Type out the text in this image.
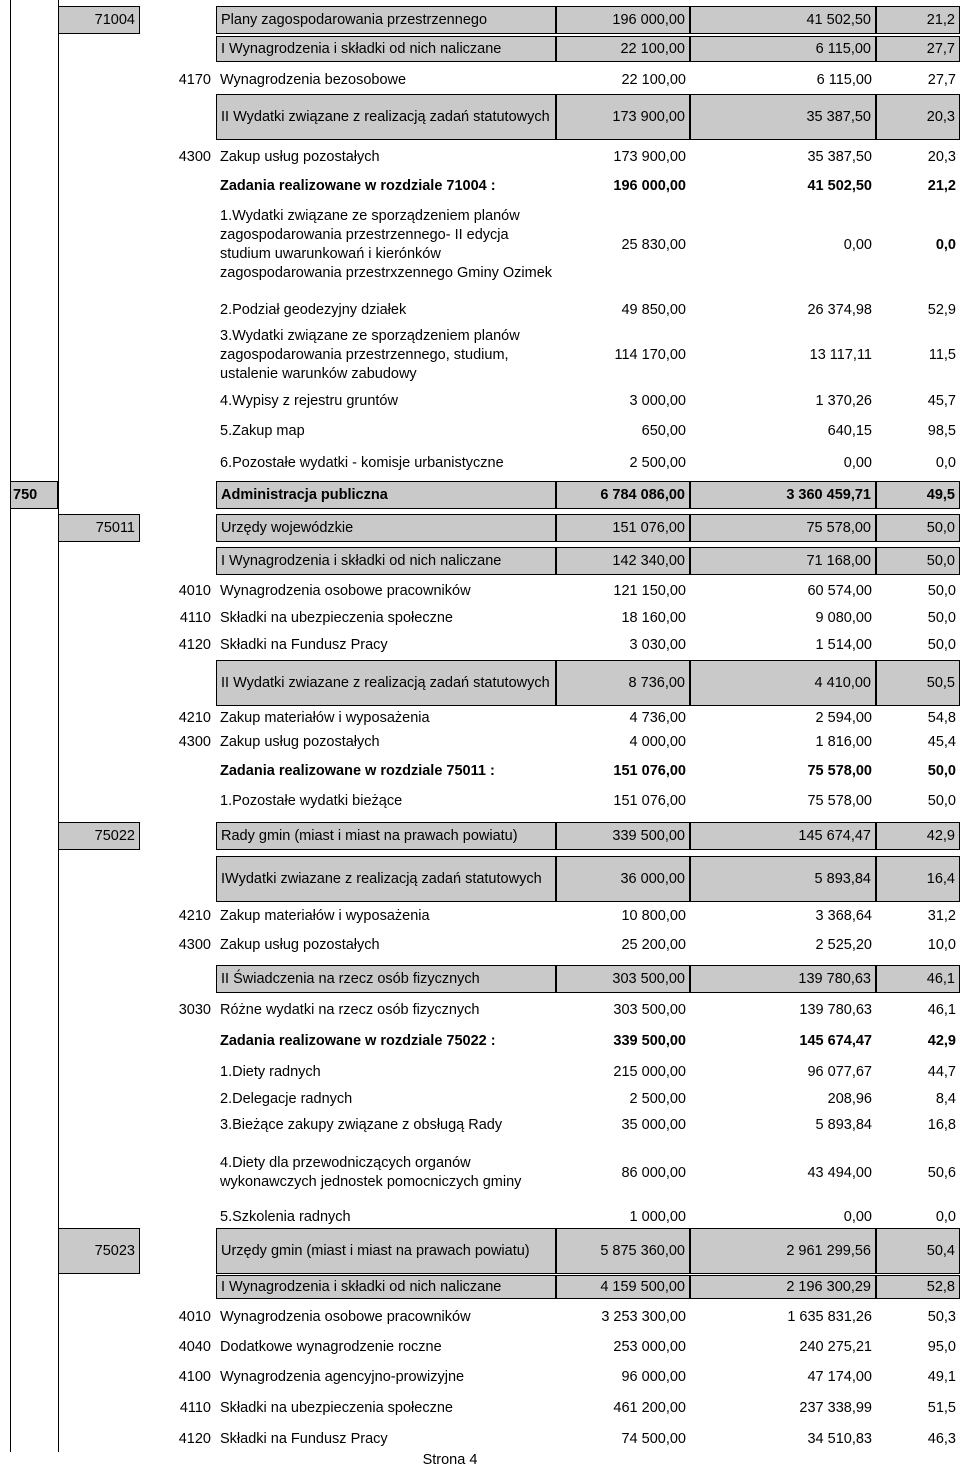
71004	Plany zagospodarowania przestrzennego	196 000,00	41 502,50	21,2
I Wynagrodzenia i składki od nich naliczane	22 100,00	6 115,00	27,7
4170 Wynagrodzenia bezosobowe	22 100,00	6 115,00	27,7
II Wydatki związane z realizacją zadań statutowych	173 900,00	35 387,50	20,3
4300 Zakup usług pozostałych	173 900,00	35 387,50	20,3
Zadania realizowane w rozdziale 71004 :	196 000,00	41 502,50	21,2
1.Wydatki związane ze sporządzeniem planów zagospodarowania przestrzennego- II edycja studium uwarunkowań i kierónków zagospodarowania przestrxzennego Gminy Ozimek
25 830,00	0,00	0,0
2.Podział geodezyjny działek	49 850,00	26 374,98	52,9
3.Wydatki związane ze sporządzeniem planów zagospodarowania przestrzennego, studium, ustalenie warunków zabudowy
114 170,00	13 117,11	11,5
4.Wypisy z rejestru gruntów	3 000,00	1 370,26	45,7
5.Zakup map	650,00	640,15	98,5
6.Pozostałe wydatki - komisje urbanistyczne	2 500,00	0,00	0,0
750	Administracja publiczna	6 784 086,00	3 360 459,71	49,5
75011	Urzędy wojewódzkie	151 076,00	75 578,00	50,0
I Wynagrodzenia i składki od nich naliczane	142 340,00	71 168,00	50,0
4010 Wynagrodzenia osobowe pracowników	121 150,00	60 574,00	50,0
4110 Składki na ubezpieczenia społeczne	18 160,00	9 080,00	50,0
4120 Składki na Fundusz Pracy	3 030,00	1 514,00	50,0
II Wydatki zwiazane z realizacją zadań statutowych	8 736,00	4 410,00	50,5
4210 Zakup materiałów i wyposażenia	4 736,00	2 594,00	54,8
4300 Zakup usług pozostałych	4 000,00	1 816,00	45,4
Zadania realizowane w rozdziale 75011 :	151 076,00	75 578,00	50,0
1.Pozostałe wydatki bieżące	151 076,00	75 578,00	50,0
75022	Rady gmin (miast i miast na prawach powiatu)	339 500,00	145 674,47	42,9
IWydatki zwiazane z realizacją zadań statutowych	36 000,00	5 893,84	16,4
4210 Zakup materiałów i wyposażenia	10 800,00	3 368,64	31,2
4300 Zakup usług pozostałych	25 200,00	2 525,20	10,0
II Świadczenia na rzecz osób fizycznych	303 500,00	139 780,63	46,1
3030 Różne wydatki na rzecz osób fizycznych	303 500,00	139 780,63	46,1
Zadania realizowane w rozdziale 75022 :	339 500,00	145 674,47	42,9
1.Diety radnych	215 000,00	96 077,67	44,7
2.Delegacje radnych	2 500,00	208,96	8,4
3.Bieżące zakupy związane z obsługą Rady	35 000,00	5 893,84	16,8
4.Diety dla przewodniczących organów wykonawczych jednostek pomocniczych gminy
86 000,00	43 494,00	50,6
5.Szkolenia radnych	1 000,00	0,00	0,0
75023	Urzędy gmin (miast i miast na prawach powiatu)	5 875 360,00	2 961 299,56	50,4
I Wynagrodzenia i składki od nich naliczane	4 159 500,00	2 196 300,29	52,8
4010 Wynagrodzenia osobowe pracowników	3 253 300,00	1 635 831,26	50,3
4040 Dodatkowe wynagrodzenie roczne	253 000,00	240 275,21	95,0
4100 Wynagrodzenia agencyjno-prowizyjne	96 000,00	47 174,00	49,1
4110 Składki na ubezpieczenia społeczne	461 200,00	237 338,99	51,5
4120 Składki na Fundusz Pracy	74 500,00	34 510,83	46,3
Strona 4
